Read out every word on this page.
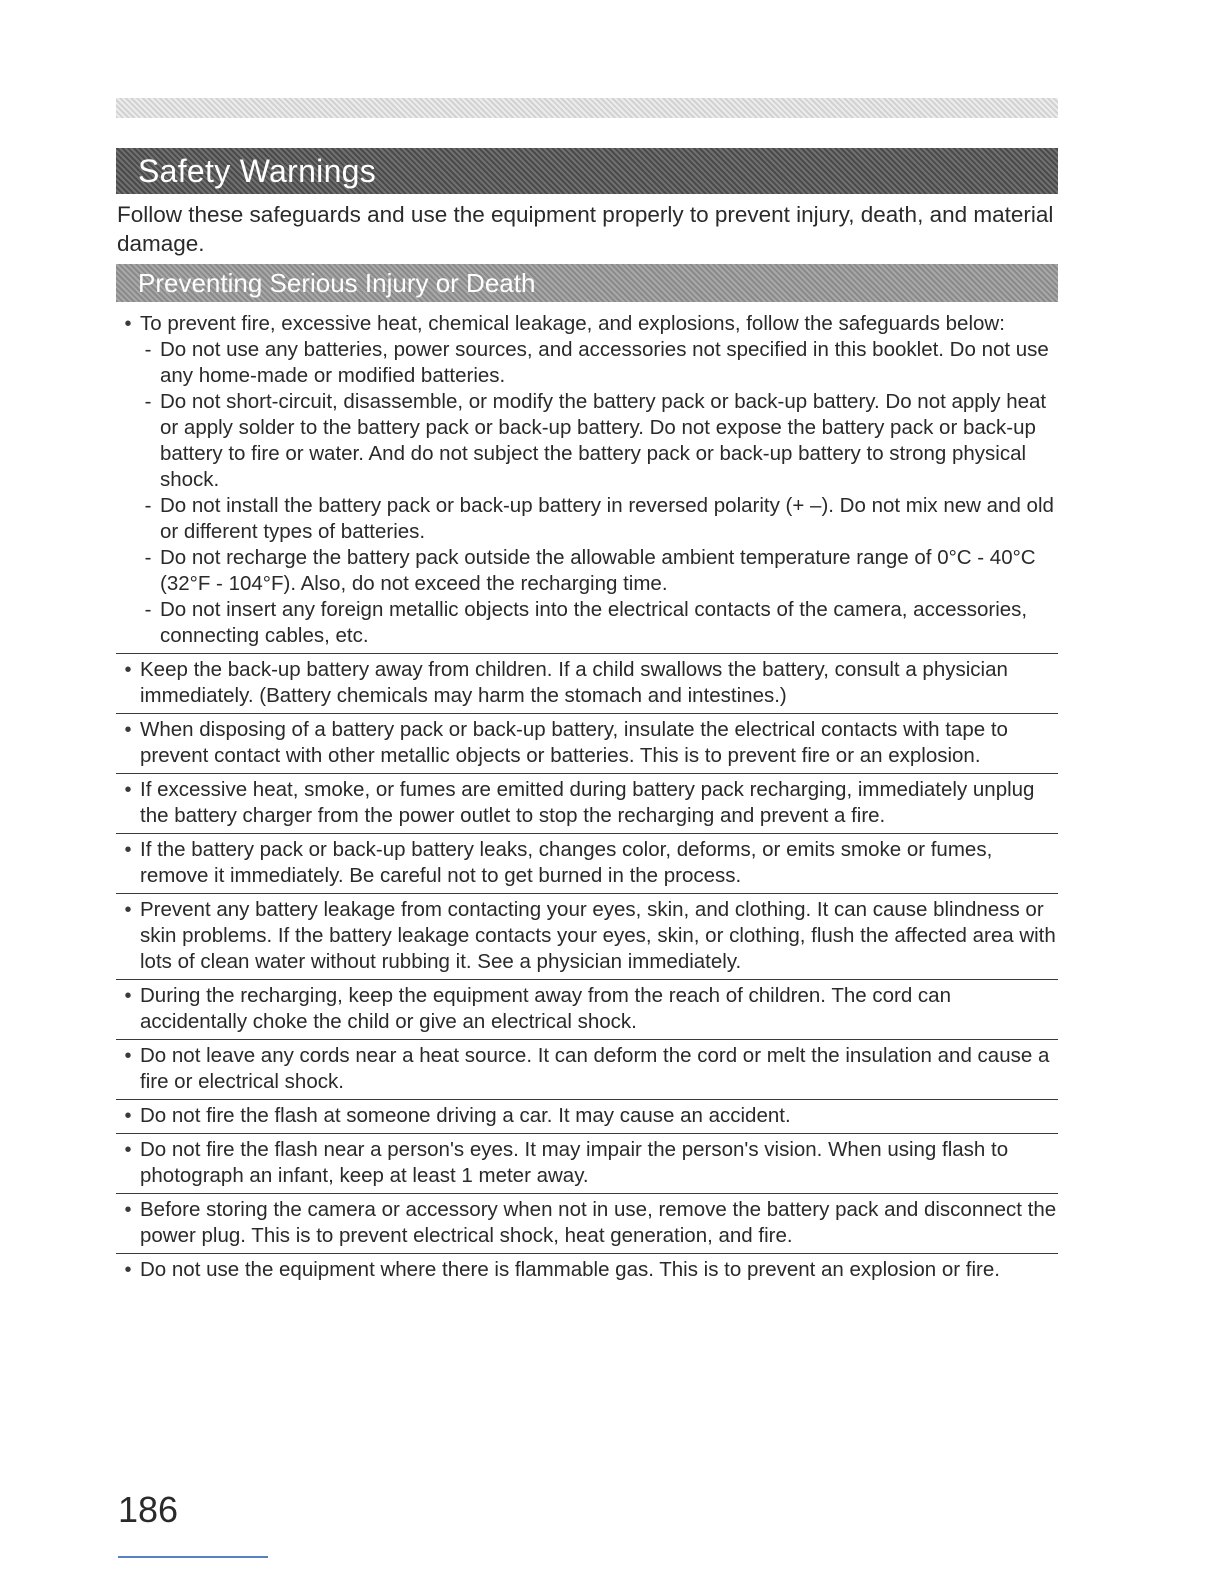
Safety Warnings
Follow these safeguards and use the equipment properly to prevent injury, death, and material damage.
Preventing Serious Injury or Death
• To prevent fire, excessive heat, chemical leakage, and explosions, follow the safeguards below:
- Do not use any batteries, power sources, and accessories not specified in this booklet. Do not use any home-made or modified batteries.
- Do not short-circuit, disassemble, or modify the battery pack or back-up battery. Do not apply heat or apply solder to the battery pack or back-up battery. Do not expose the battery pack or back-up battery to fire or water. And do not subject the battery pack or back-up battery to strong physical shock.
- Do not install the battery pack or back-up battery in reversed polarity (+ –). Do not mix new and old or different types of batteries.
- Do not recharge the battery pack outside the allowable ambient temperature range of 0°C - 40°C (32°F - 104°F). Also, do not exceed the recharging time.
- Do not insert any foreign metallic objects into the electrical contacts of the camera, accessories, connecting cables, etc.
• Keep the back-up battery away from children. If a child swallows the battery, consult a physician immediately. (Battery chemicals may harm the stomach and intestines.)
• When disposing of a battery pack or back-up battery, insulate the electrical contacts with tape to prevent contact with other metallic objects or batteries. This is to prevent fire or an explosion.
• If excessive heat, smoke, or fumes are emitted during battery pack recharging, immediately unplug the battery charger from the power outlet to stop the recharging and prevent a fire.
• If the battery pack or back-up battery leaks, changes color, deforms, or emits smoke or fumes, remove it immediately. Be careful not to get burned in the process.
• Prevent any battery leakage from contacting your eyes, skin, and clothing. It can cause blindness or skin problems. If the battery leakage contacts your eyes, skin, or clothing, flush the affected area with lots of clean water without rubbing it. See a physician immediately.
• During the recharging, keep the equipment away from the reach of children. The cord can accidentally choke the child or give an electrical shock.
• Do not leave any cords near a heat source. It can deform the cord or melt the insulation and cause a fire or electrical shock.
• Do not fire the flash at someone driving a car. It may cause an accident.
• Do not fire the flash near a person's eyes. It may impair the person's vision. When using flash to photograph an infant, keep at least 1 meter away.
• Before storing the camera or accessory when not in use, remove the battery pack and disconnect the power plug. This is to prevent electrical shock, heat generation, and fire.
• Do not use the equipment where there is flammable gas. This is to prevent an explosion or fire.
186
